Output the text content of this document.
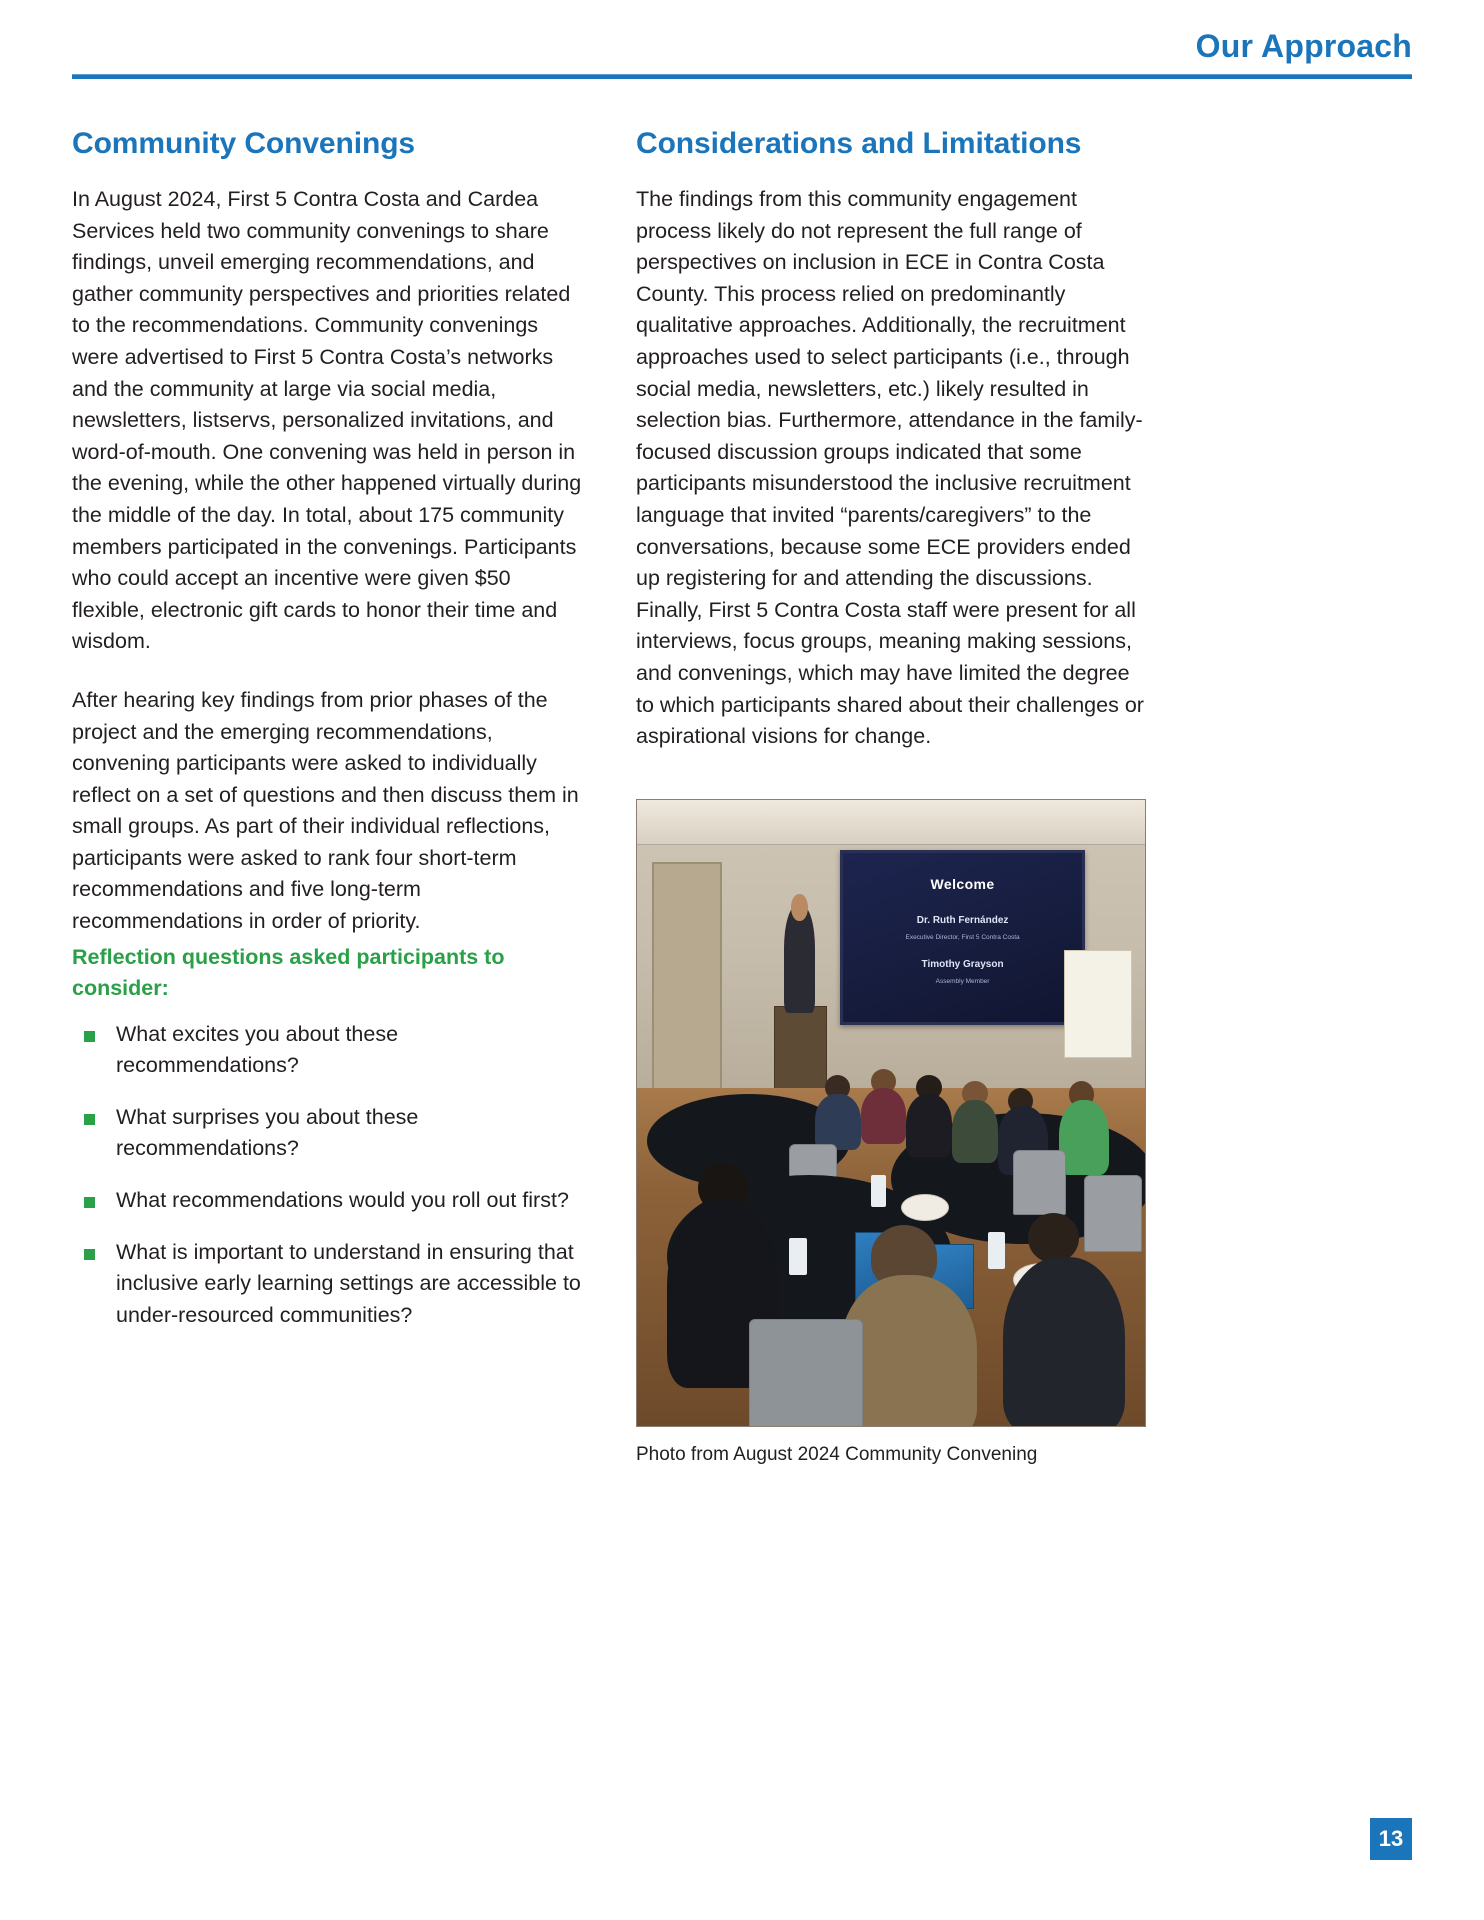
Our Approach
Community Convenings

In August 2024, First 5 Contra Costa and Cardea Services held two community convenings to share findings, unveil emerging recommendations, and gather community perspectives and priorities related to the recommendations. Community convenings were advertised to First 5 Contra Costa’s networks and the community at large via social media, newsletters, listservs, personalized invitations, and word-of-mouth. One convening was held in person in the evening, while the other happened virtually during the middle of the day. In total, about 175 community members participated in the convenings. Participants who could accept an incentive were given $50 flexible, electronic gift cards to honor their time and wisdom.

After hearing key findings from prior phases of the project and the emerging recommendations, convening participants were asked to individually reflect on a set of questions and then discuss them in small groups. As part of their individual reflections, participants were asked to rank four short-term recommendations and five long-term recommendations in order of priority.

Reflection questions asked participants to consider:
What excites you about these recommendations?
What surprises you about these recommendations?
What recommendations would you roll out first?
What is important to understand in ensuring that inclusive early learning settings are accessible to under-resourced communities?
Considerations and Limitations

The findings from this community engagement process likely do not represent the full range of perspectives on inclusion in ECE in Contra Costa County. This process relied on predominantly qualitative approaches. Additionally, the recruitment approaches used to select participants (i.e., through social media, newsletters, etc.) likely resulted in selection bias. Furthermore, attendance in the family-focused discussion groups indicated that some participants misunderstood the inclusive recruitment language that invited “parents/caregivers” to the conversations, because some ECE providers ended up registering for and attending the discussions. Finally, First 5 Contra Costa staff were present for all interviews, focus groups, meaning making sessions, and convenings, which may have limited the degree to which participants shared about their challenges or aspirational visions for change.

Welcome
Dr. Ruth Fernández
Executive Director, First 5 Contra Costa
Timothy Grayson
Assembly Member
Photo from August 2024 Community Convening
13
